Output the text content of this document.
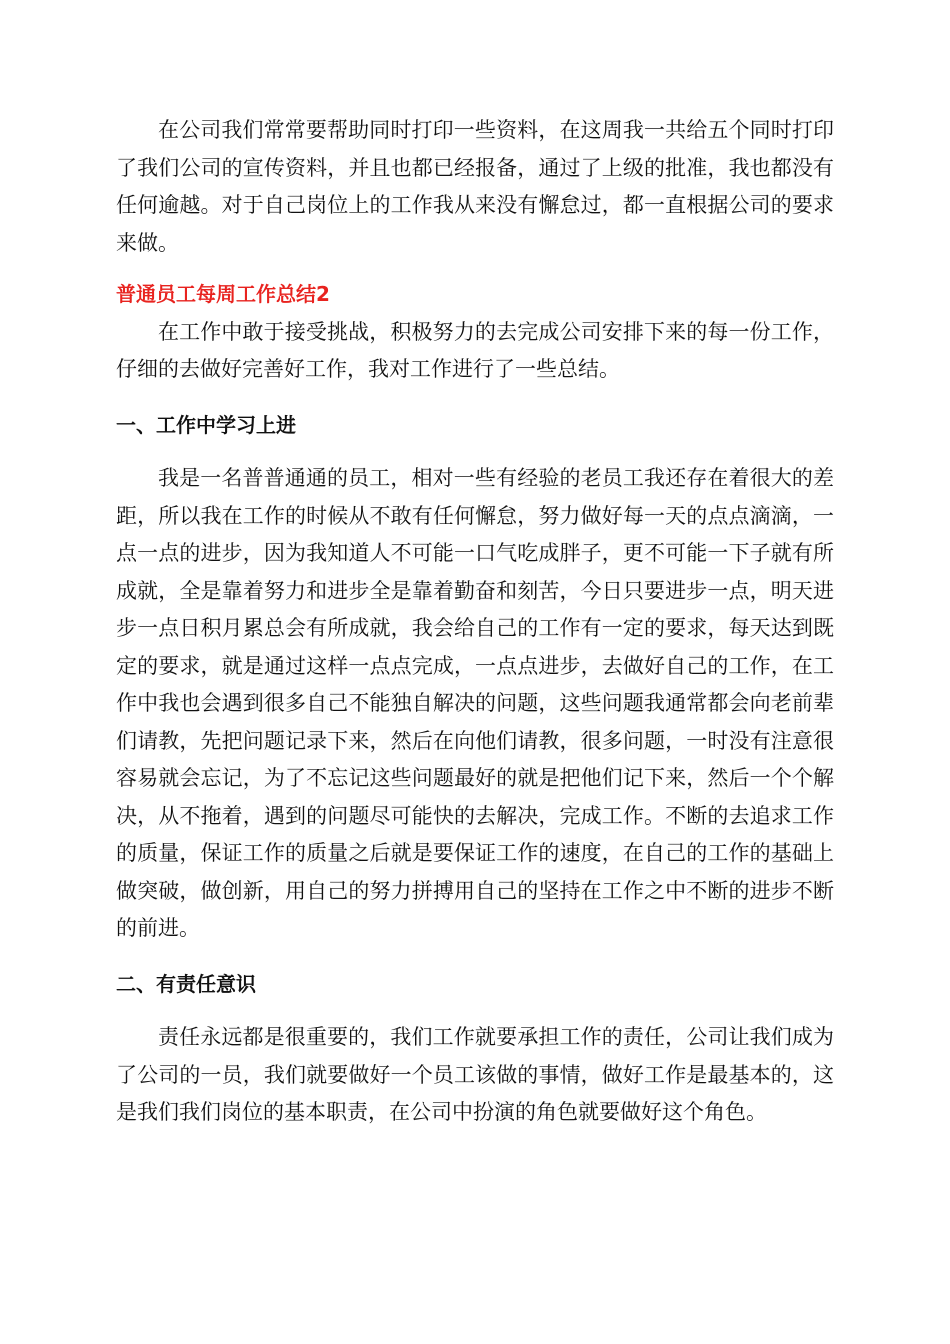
在公司我们常常要帮助同时打印一些资料，在这周我一共给五个同时打印了我们公司的宣传资料，并且也都已经报备，通过了上级的批准，我也都没有任何逾越。对于自己岗位上的工作我从来没有懈怠过，都一直根据公司的要求来做。

普通员工每周工作总结2

在工作中敢于接受挑战，积极努力的去完成公司安排下来的每一份工作，仔细的去做好完善好工作，我对工作进行了一些总结。

一、工作中学习上进

我是一名普普通通的员工，相对一些有经验的老员工我还存在着很大的差距，所以我在工作的时候从不敢有任何懈怠，努力做好每一天的点点滴滴，一点一点的进步，因为我知道人不可能一口气吃成胖子，更不可能一下子就有所成就，全是靠着努力和进步全是靠着勤奋和刻苦，今日只要进步一点，明天进步一点日积月累总会有所成就，我会给自己的工作有一定的要求，每天达到既定的要求，就是通过这样一点点完成，一点点进步，去做好自己的工作，在工作中我也会遇到很多自己不能独自解决的问题，这些问题我通常都会向老前辈们请教，先把问题记录下来，然后在向他们请教，很多问题，一时没有注意很容易就会忘记，为了不忘记这些问题最好的就是把他们记下来，然后一个个解决，从不拖着，遇到的问题尽可能快的去解决，完成工作。不断的去追求工作的质量，保证工作的质量之后就是要保证工作的速度，在自己的工作的基础上做突破，做创新，用自己的努力拼搏用自己的坚持在工作之中不断的进步不断的前进。

二、有责任意识

责任永远都是很重要的，我们工作就要承担工作的责任，公司让我们成为了公司的一员，我们就要做好一个员工该做的事情，做好工作是最基本的，这是我们我们岗位的基本职责，在公司中扮演的角色就要做好这个角色。
